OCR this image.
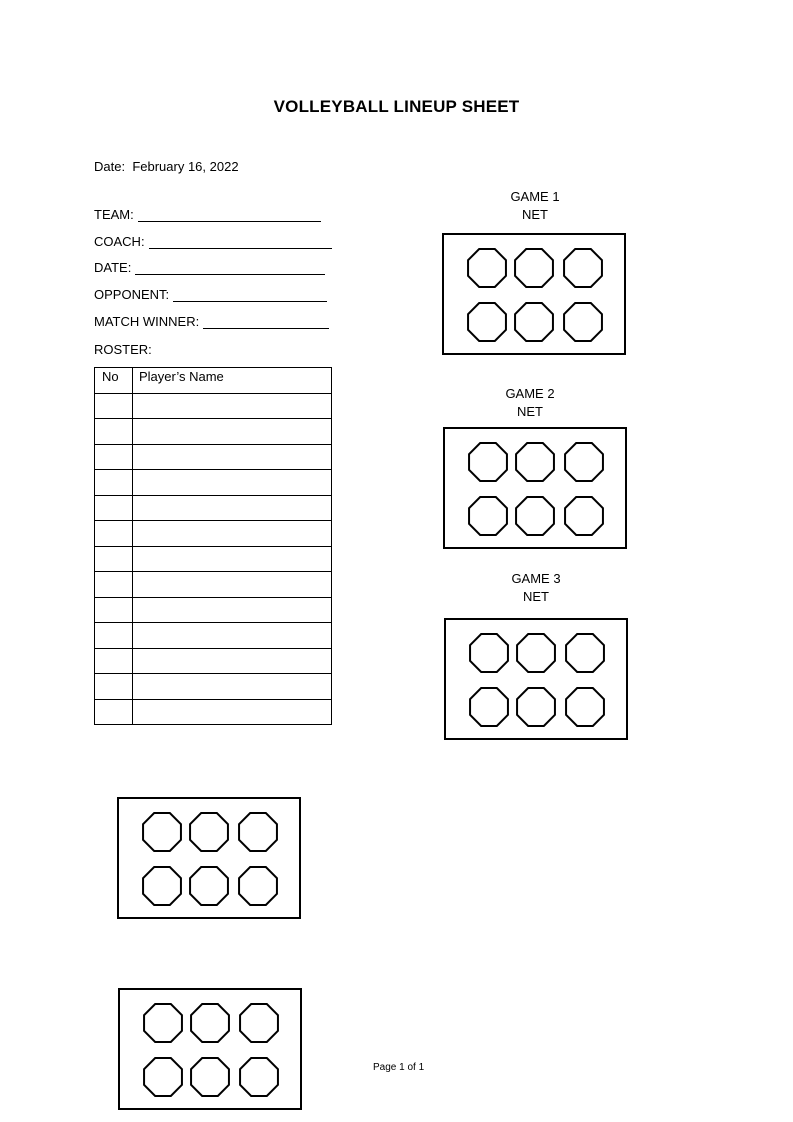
VOLLEYBALL LINEUP SHEET
Date: February 16, 2022
TEAM:
COACH:
DATE:
OPPONENT:
MATCH WINNER:
ROSTER:
No	Player’s Name

GAME 1
NET
GAME 2
NET
GAME 3
NET
Page 1 of 1
